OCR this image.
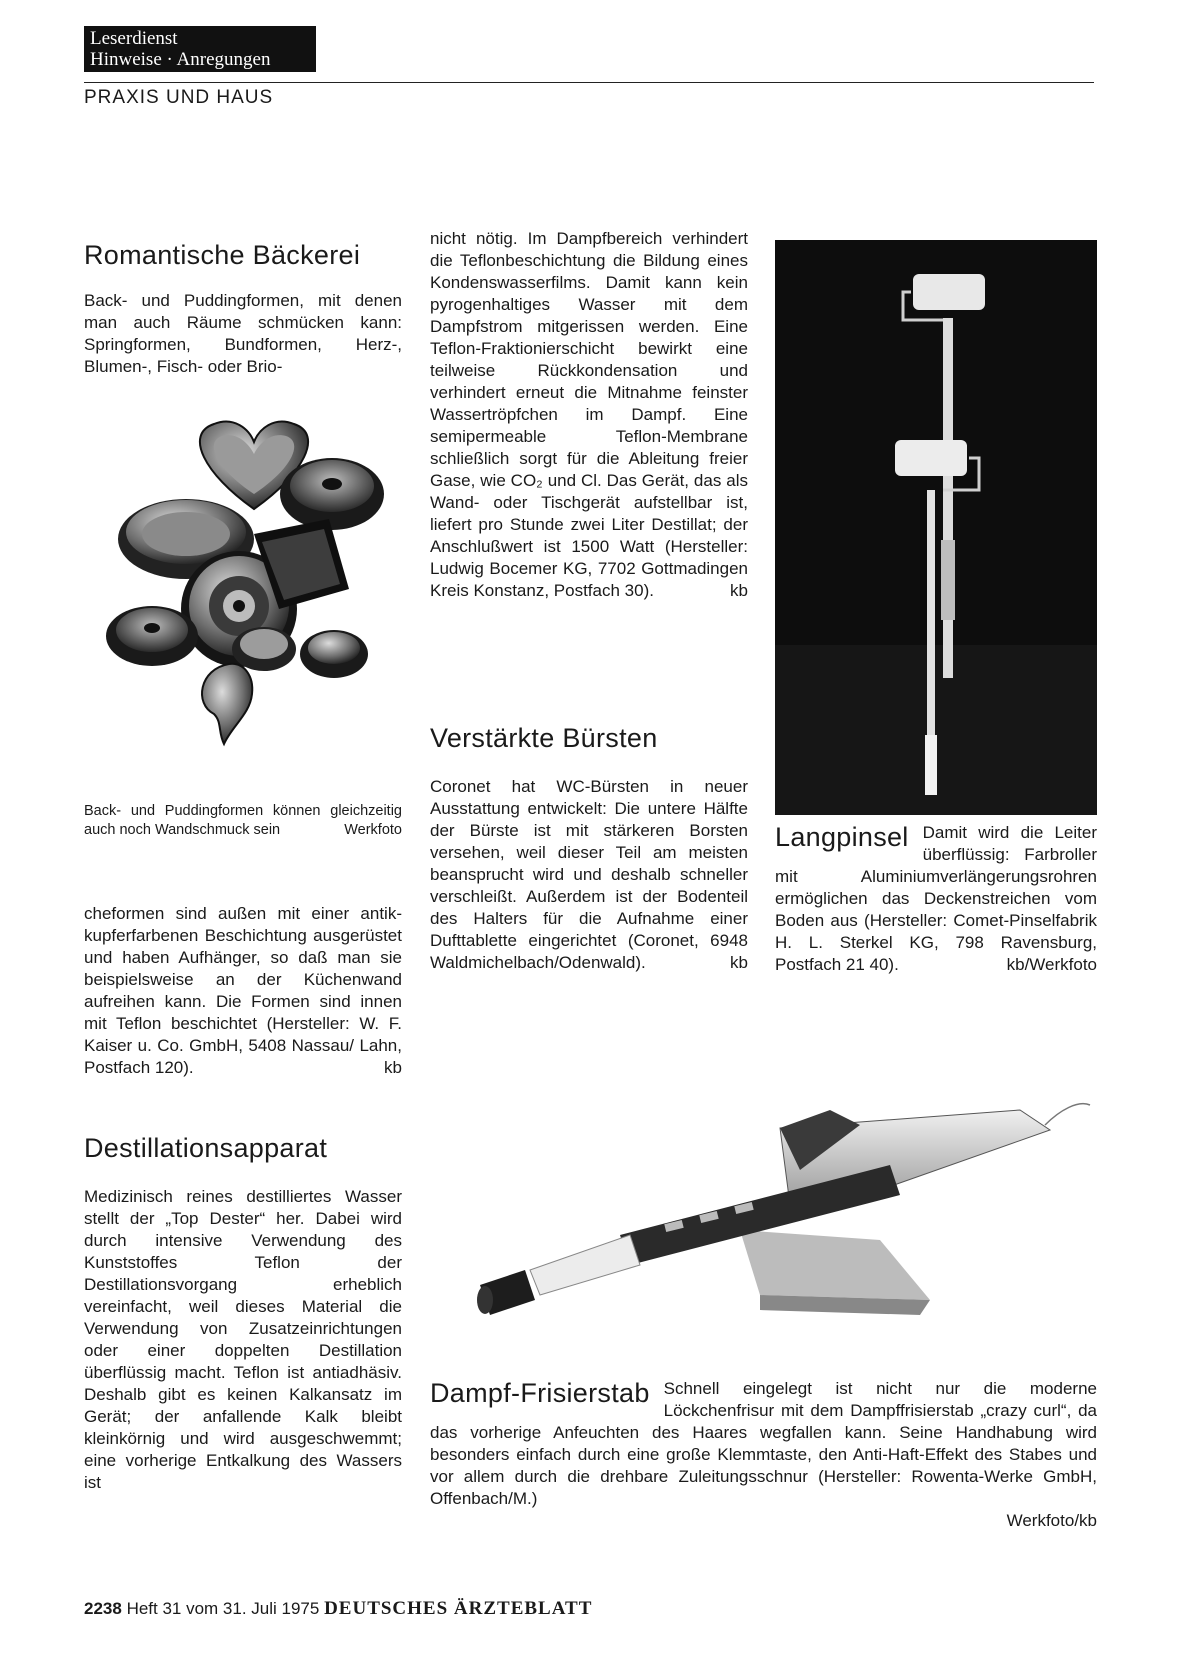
Leserdienst
Hinweise · Anregungen
PRAXIS UND HAUS
Romantische Bäckerei
Back- und Puddingformen, mit denen man auch Räume schmücken kann: Springformen, Bundformen, Herz-, Blumen-, Fisch- oder Brio-
Back- und Puddingformen können gleichzeitig auch noch Wandschmuck sein	Werkfoto

cheformen sind außen mit einer antik-kupferfarbenen Beschichtung ausgerüstet und haben Aufhänger, so daß man sie beispielsweise an der Küchenwand aufreihen kann. Die Formen sind innen mit Teflon beschichtet (Hersteller: W. F. Kaiser u. Co. GmbH, 5408 Nassau/ Lahn, Postfach 120).	kb

Destillationsapparat
Medizinisch reines destilliertes Wasser stellt der „Top Dester“ her. Dabei wird durch intensive Verwendung des Kunststoffes Teflon der Destillationsvorgang erheblich vereinfacht, weil dieses Material die Verwendung von Zusatzeinrichtungen oder einer doppelten Destillation überflüssig macht. Teflon ist antiadhäsiv. Deshalb gibt es keinen Kalkansatz im Gerät; der anfallende Kalk bleibt kleinkörnig und wird ausgeschwemmt; eine vorherige Entkalkung des Wassers ist

nicht nötig. Im Dampfbereich verhindert die Teflonbeschichtung die Bildung eines Kondenswasserfilms. Damit kann kein pyrogenhaltiges Wasser mit dem Dampfstrom mitgerissen werden. Eine Teflon-Fraktionierschicht bewirkt eine teilweise Rückkondensation und verhindert erneut die Mitnahme feinster Wassertröpfchen im Dampf. Eine semipermeable Teflon-Membrane schließlich sorgt für die Ableitung freier Gase, wie CO₂ und Cl. Das Gerät, das als Wand- oder Tischgerät aufstellbar ist, liefert pro Stunde zwei Liter Destillat; der Anschlußwert ist 1500 Watt (Hersteller: Ludwig Bocemer KG, 7702 Gottmadingen Kreis Konstanz, Postfach 30).	kb

Verstärkte Bürsten

Coronet hat WC-Bürsten in neuer Ausstattung entwickelt: Die untere Hälfte der Bürste ist mit stärkeren Borsten versehen, weil dieser Teil am meisten beansprucht wird und deshalb schneller verschleißt. Außerdem ist der Bodenteil des Halters für die Aufnahme einer Dufttablette eingerichtet (Coronet, 6948 Waldmichelbach/Odenwald).	kb

Langpinsel Damit wird die Leiter überflüssig: Farbroller mit Aluminiumverlängerungsrohren ermöglichen das Deckenstreichen vom Boden aus (Hersteller: Comet-Pinselfabrik H. L. Sterkel KG, 798 Ravensburg, Postfach 21 40).	kb/Werkfoto

Dampf-Frisierstab Schnell eingelegt ist nicht nur die moderne Löckchenfrisur mit dem Dampffrisierstab „crazy curl“, da das vorherige Anfeuchten des Haares wegfallen kann. Seine Handhabung wird besonders einfach durch eine große Klemmtaste, den Anti-Haft-Effekt des Stabes und vor allem durch die drehbare Zuleitungsschnur (Hersteller: Rowenta-Werke GmbH, Offenbach/M.)

Werkfoto/kb

2238 Heft 31 vom 31. Juli 1975 DEUTSCHES ÄRZTEBLATT
